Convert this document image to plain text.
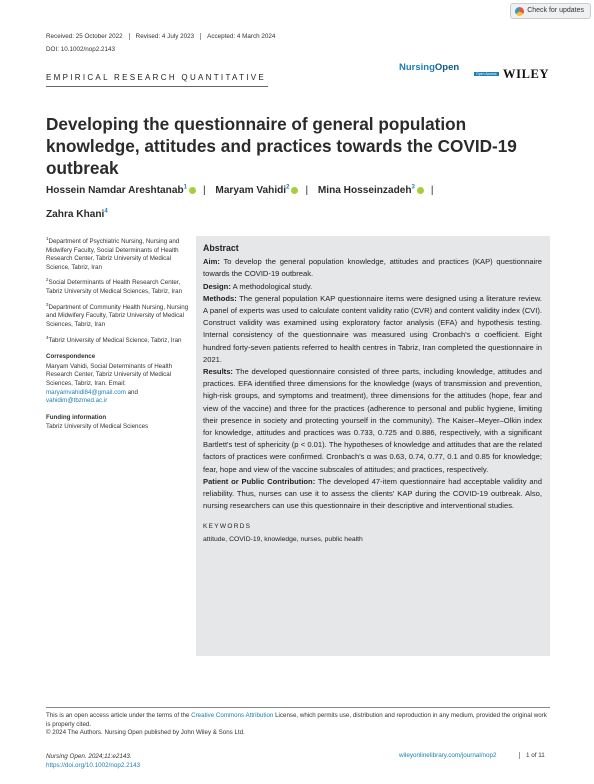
Check for updates
Received: 25 October 2022	Revised: 4 July 2023	Accepted: 4 March 2024
DOI: 10.1002/nop2.2143
EMPIRICAL RESEARCH QUANTITATIVE
NursingOpen
Open Access WILEY
Developing the questionnaire of general population knowledge, attitudes and practices towards the COVID-19 outbreak
Hossein Namdar Areshtanab$^1$ | Maryam Vahidi$^2$ | Mina Hosseinzadeh$^3$ |
Zahra Khani$^4$

$^1$Department of Psychiatric Nursing, Nursing and Midwifery Faculty, Social Determinants of Health Research Center, Tabriz University of Medical Science, Tabriz, Iran

$^2$Social Determinants of Health Research Center, Tabriz University of Medical Sciences, Tabriz, Iran

$^3$Department of Community Health Nursing, Nursing and Midwifery Faculty, Tabriz University of Medical Sciences, Tabriz, Iran

$^4$Tabriz University of Medical Science, Tabriz, Iran

Correspondence

Maryam Vahidi, Social Determinants of Health Research Center, Tabriz University of Medical Sciences, Tabriz, Iran. Email: maryamvahidi84@gmail.com and vahidim@tbzmed.ac.ir

Funding information

Tabriz University of Medical Sciences

Abstract

Aim: To develop the general population knowledge, attitudes and practices (KAP) questionnaire towards the COVID-19 outbreak.

Design: A methodological study.

Methods: The general population KAP questionnaire items were designed using a literature review. A panel of experts was used to calculate content validity ratio (CVR) and content validity index (CVI). Construct validity was examined using exploratory factor analysis (EFA) and hypothesis testing. Internal consistency of the questionnaire was measured using Cronbach's α coefficient. Eight hundred forty-seven patients referred to health centres in Tabriz, Iran completed the questionnaire in 2021.

Results: The developed questionnaire consisted of three parts, including knowledge, attitudes and practices. EFA identified three dimensions for the knowledge (ways of transmission and prevention, high-risk groups, and symptoms and treatment), three dimensions for the attitudes (hope, fear and view of the vaccine) and three for the practices (adherence to personal and public hygiene, limiting their presence in society and protecting yourself in the community). The Kaiser–Meyer–Olkin index for knowledge, attitudes and practices was 0.733, 0.725 and 0.886, respectively, with a significant Bartlett's test of sphericity (p < 0.01). The hypotheses of knowledge and attitudes that are the related factors of practices were confirmed. Cronbach's α was 0.63, 0.74, 0.77, 0.1 and 0.85 for knowledge; fear, hope and view of the vaccine subscales of attitudes; and practices, respectively.

Patient or Public Contribution: The developed 47-item questionnaire had acceptable validity and reliability. Thus, nurses can use it to assess the clients' KAP during the COVID-19 outbreak. Also, nursing researchers can use this questionnaire in their descriptive and interventional studies.

KEYWORDS

attitude, COVID-19, knowledge, nurses, public health

This is an open access article under the terms of the Creative Commons Attribution License, which permits use, distribution and reproduction in any medium, provided the original work is properly cited.

© 2024 The Authors. Nursing Open published by John Wiley & Sons Ltd.

Nursing Open. 2024;11:e2143.
https://doi.org/10.1002/nop2.2143
wileyonlinelibrary.com/journal/nop2	1 of 11
